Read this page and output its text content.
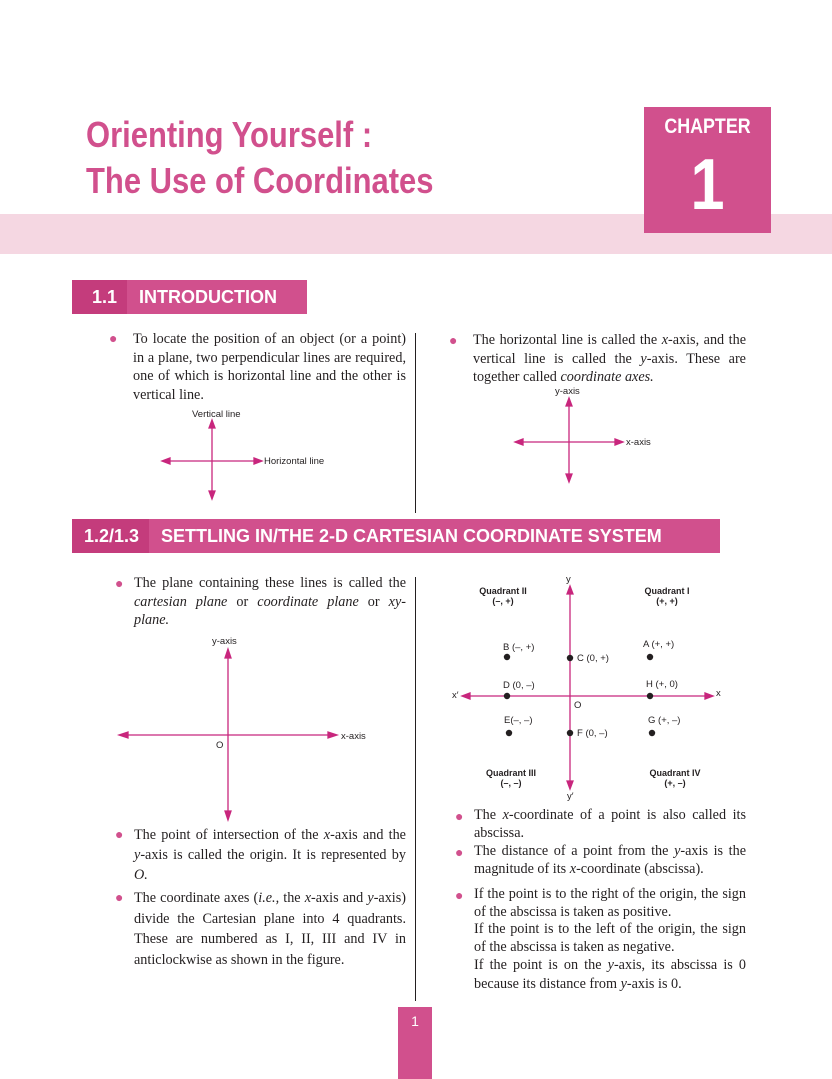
Orienting Yourself :
The Use of Coordinates
CHAPTER
1
1.1	INTRODUCTION
● To locate the position of an object (or a point) in a plane, two perpendicular lines are required, one of which is horizontal line and the other is vertical line.
● The horizontal line is called the x-axis, and the vertical line is called the y-axis. These are together called coordinate axes.
Vertical line
Horizontal line
y-axis
x-axis
1.2/1.3	SETTLING IN/THE 2-D CARTESIAN COORDINATE SYSTEM
● The plane containing these lines is called the cartesian plane or coordinate plane or xy-plane.
y-axis
x-axis
O
● The point of intersection of the x-axis and the y-axis is called the origin. It is represented by O.
● The coordinate axes (i.e., the x-axis and y-axis) divide the Cartesian plane into 4 quadrants. These are numbered as I, II, III and IV in anticlockwise as shown in the figure.
y
y′
x
x′
O
Quadrant II
(–, +)
Quadrant I
(+, +)
Quadrant III
(–, –)
Quadrant IV
(+, –)
B (–, +)
C (0, +)
A (+, +)
D (0, –)	H (+, 0)
E(–, –)
F (0, –)
G (+, –)
● The x-coordinate of a point is also called its abscissa.
● The distance of a point from the y-axis is the magnitude of its x-coordinate (abscissa).
● If the point is to the right of the origin, the sign of the abscissa is taken as positive.
If the point is to the left of the origin, the sign of the abscissa is taken as negative.
If the point is on the y-axis, its abscissa is 0 because its distance from y-axis is 0.
1
